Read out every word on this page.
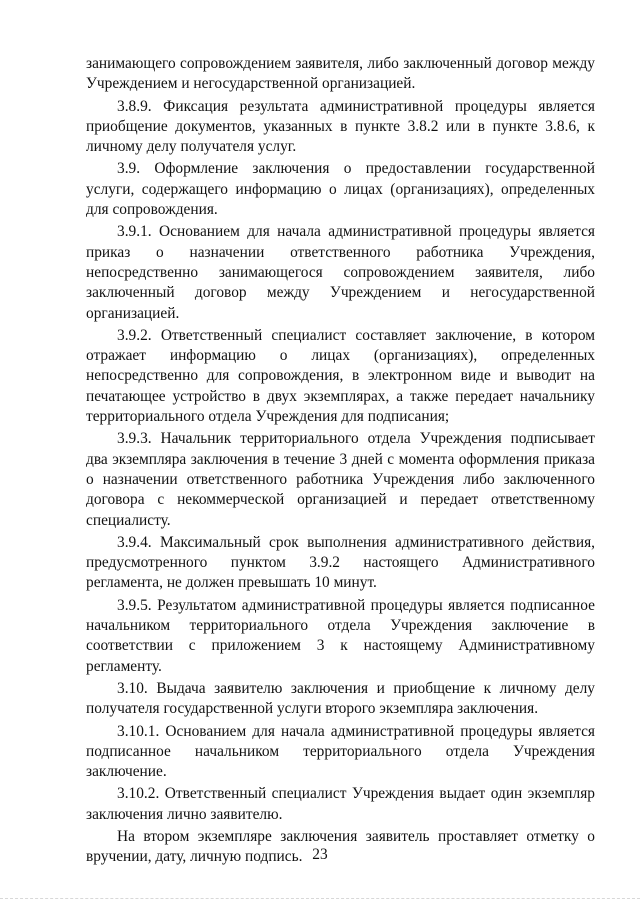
занимающего сопровождением заявителя, либо заключенный договор между Учреждением и негосударственной организацией.

3.8.9. Фиксация результата административной процедуры является приобщение документов, указанных в пункте 3.8.2 или в пункте 3.8.6, к личному делу получателя услуг.

3.9. Оформление заключения о предоставлении государственной услуги, содержащего информацию о лицах (организациях), определенных для сопровождения.

3.9.1. Основанием для начала административной процедуры является приказ о назначении ответственного работника Учреждения, непосредственно занимающегося сопровождением заявителя, либо заключенный договор между Учреждением и негосударственной организацией.

3.9.2. Ответственный специалист составляет заключение, в котором отражает информацию о лицах (организациях), определенных непосредственно для сопровождения, в электронном виде и выводит на печатающее устройство в двух экземплярах, а также передает начальнику территориального отдела Учреждения для подписания;

3.9.3. Начальник территориального отдела Учреждения подписывает два экземпляра заключения в течение 3 дней с момента оформления приказа о назначении ответственного работника Учреждения либо заключенного договора с некоммерческой организацией и передает ответственному специалисту.

3.9.4. Максимальный срок выполнения административного действия, предусмотренного пунктом 3.9.2 настоящего Административного регламента, не должен превышать 10 минут.

3.9.5. Результатом административной процедуры является подписанное начальником территориального отдела Учреждения заключение в соответствии с приложением 3 к настоящему Административному регламенту.

3.10. Выдача заявителю заключения и приобщение к личному делу получателя государственной услуги второго экземпляра заключения.

3.10.1. Основанием для начала административной процедуры является подписанное начальником территориального отдела Учреждения заключение.

3.10.2. Ответственный специалист Учреждения выдает один экземпляр заключения лично заявителю.

На втором экземпляре заключения заявитель проставляет отметку о вручении, дату, личную подпись. 23
